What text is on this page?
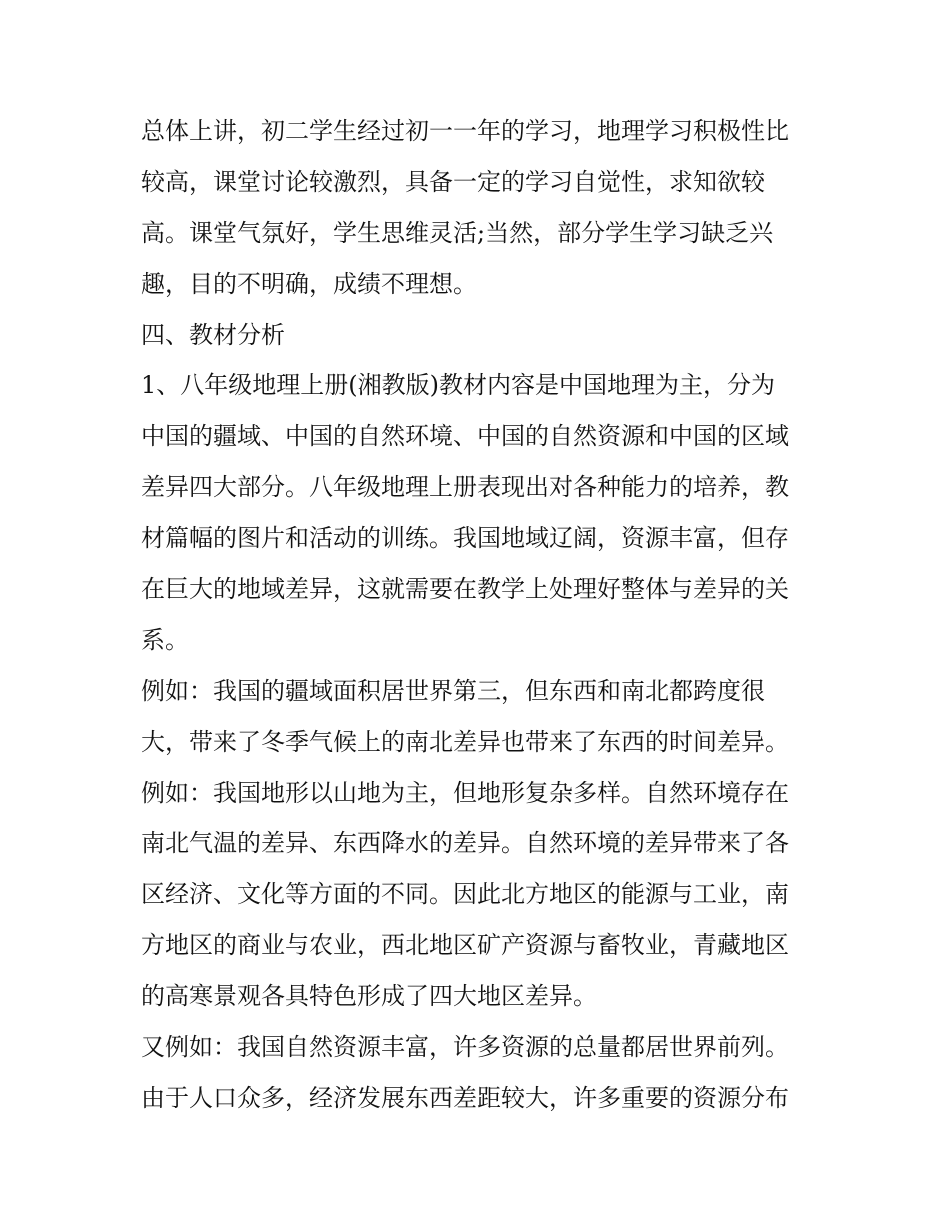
总体上讲，初二学生经过初一一年的学习，地理学习积极性比
较高，课堂讨论较激烈，具备一定的学习自觉性，求知欲较
高。课堂气氛好，学生思维灵活;当然，部分学生学习缺乏兴
趣，目的不明确，成绩不理想。
四、教材分析
1、八年级地理上册(湘教版)教材内容是中国地理为主，分为
中国的疆域、中国的自然环境、中国的自然资源和中国的区域
差异四大部分。八年级地理上册表现出对各种能力的培养，教
材篇幅的图片和活动的训练。我国地域辽阔，资源丰富，但存
在巨大的地域差异，这就需要在教学上处理好整体与差异的关
系。
例如：我国的疆域面积居世界第三，但东西和南北都跨度很
大，带来了冬季气候上的南北差异也带来了东西的时间差异。
例如：我国地形以山地为主，但地形复杂多样。自然环境存在
南北气温的差异、东西降水的差异。自然环境的差异带来了各
区经济、文化等方面的不同。因此北方地区的能源与工业，南
方地区的商业与农业，西北地区矿产资源与畜牧业，青藏地区
的高寒景观各具特色形成了四大地区差异。
又例如：我国自然资源丰富，许多资源的总量都居世界前列。
由于人口众多，经济发展东西差距较大，许多重要的资源分布
